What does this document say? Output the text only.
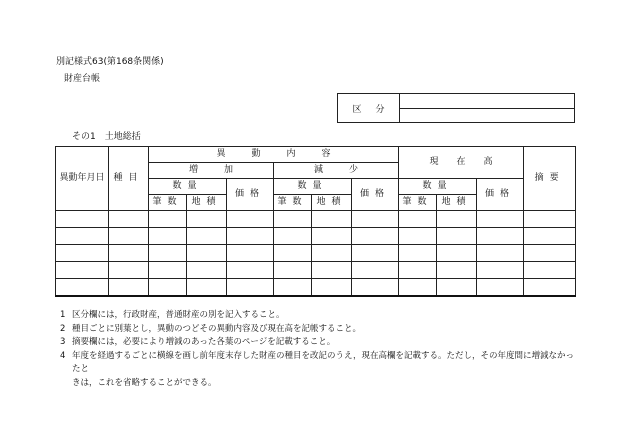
別記様式63(第168条関係)
財産台帳
区分
その1　土地総括
異動年月日	種目	異動内容						現在高			摘要
		増加			減少						
		数量		価格	数量		価格	数量		価格	
		筆数	地積		筆数	地積		筆数	地積		

1 区分欄には，行政財産，普通財産の別を記入すること。
2 種目ごとに別葉とし，異動のつどその異動内容及び現在高を記帳すること。
3 摘要欄には，必要により増減のあった各葉のページを記載すること。
4 年度を経過するごとに横線を画し前年度末存した財産の種目を改記のうえ，現在高欄を記載する。ただし，その年度間に増減なかったと
きは，これを省略することができる。
